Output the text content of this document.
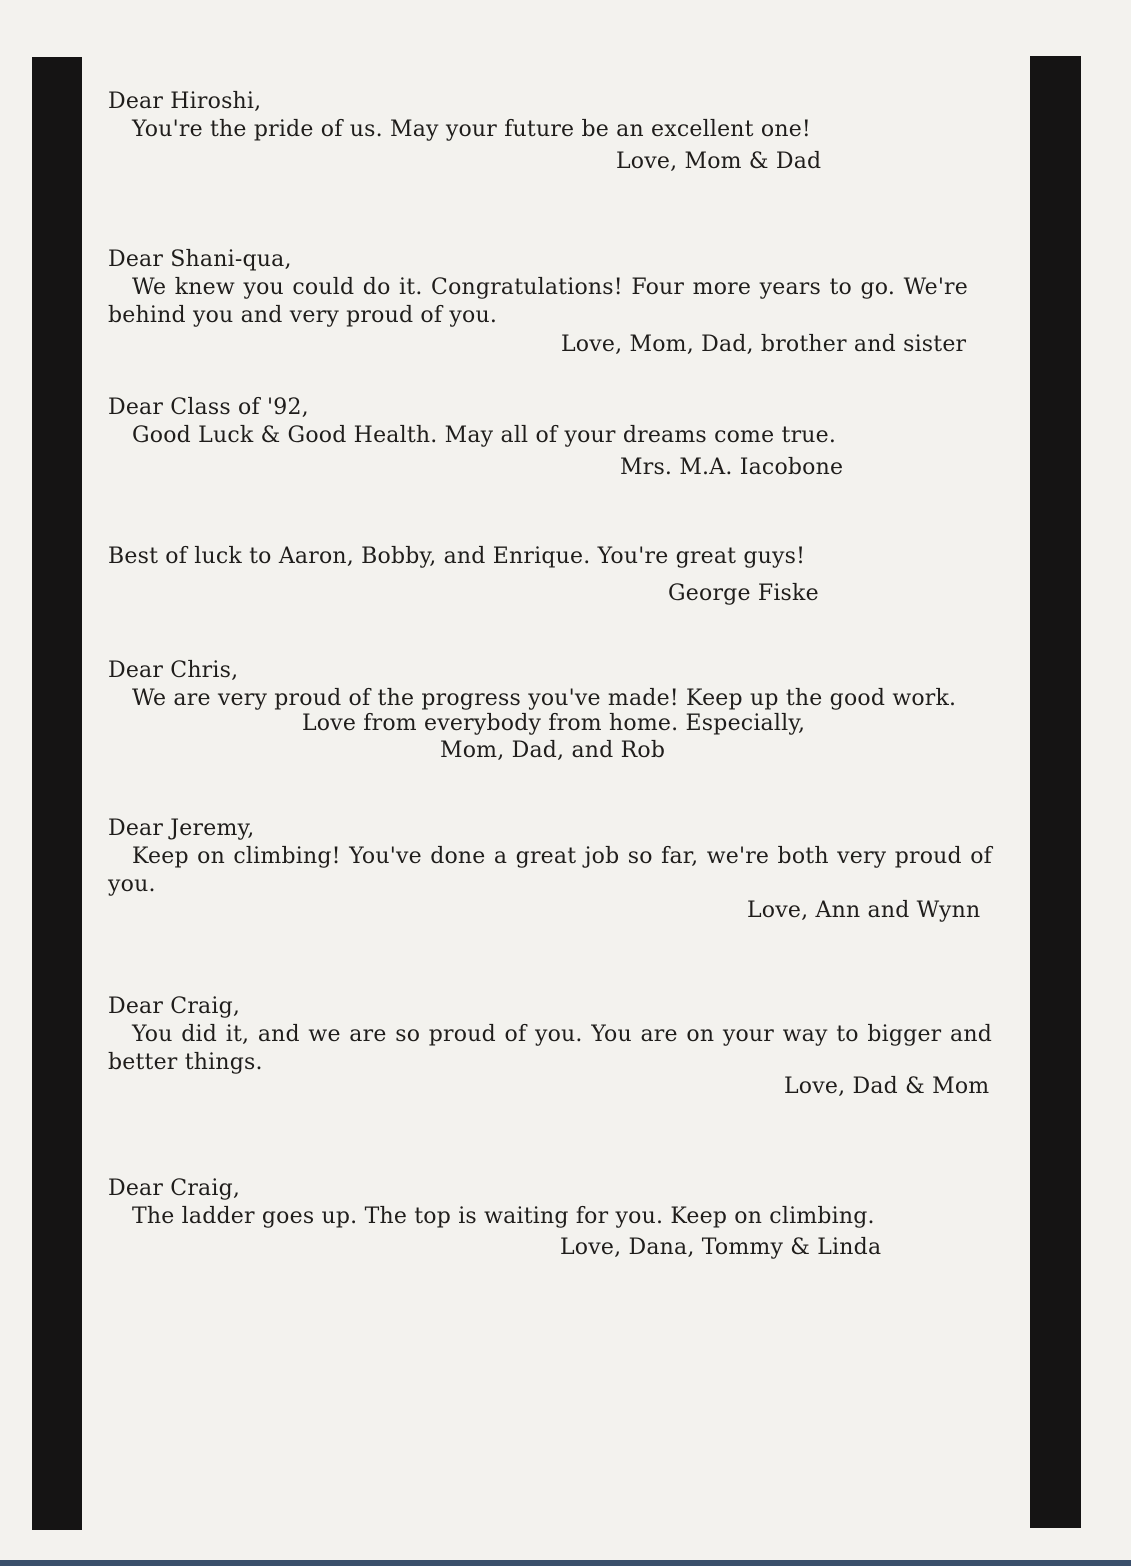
Dear Hiroshi,

You're the pride of us. May your future be an excellent one!

Love, Mom & Dad

Dear Shani-qua,

We knew you could do it. Congratulations! Four more years to go. We're behind you and very proud of you.

Love, Mom, Dad, brother and sister

Dear Class of '92,

Good Luck & Good Health. May all of your dreams come true.

Mrs. M.A. Iacobone

Best of luck to Aaron, Bobby, and Enrique. You're great guys!

George Fiske

Dear Chris,

We are very proud of the progress you've made! Keep up the good work.

Love from everybody from home. Especially,
Mom, Dad, and Rob

Dear Jeremy,

Keep on climbing! You've done a great job so far, we're both very proud of you.

Love, Ann and Wynn

Dear Craig,

You did it, and we are so proud of you. You are on your way to bigger and better things.

Love, Dad & Mom

Dear Craig,

The ladder goes up. The top is waiting for you. Keep on climbing.

Love, Dana, Tommy & Linda
